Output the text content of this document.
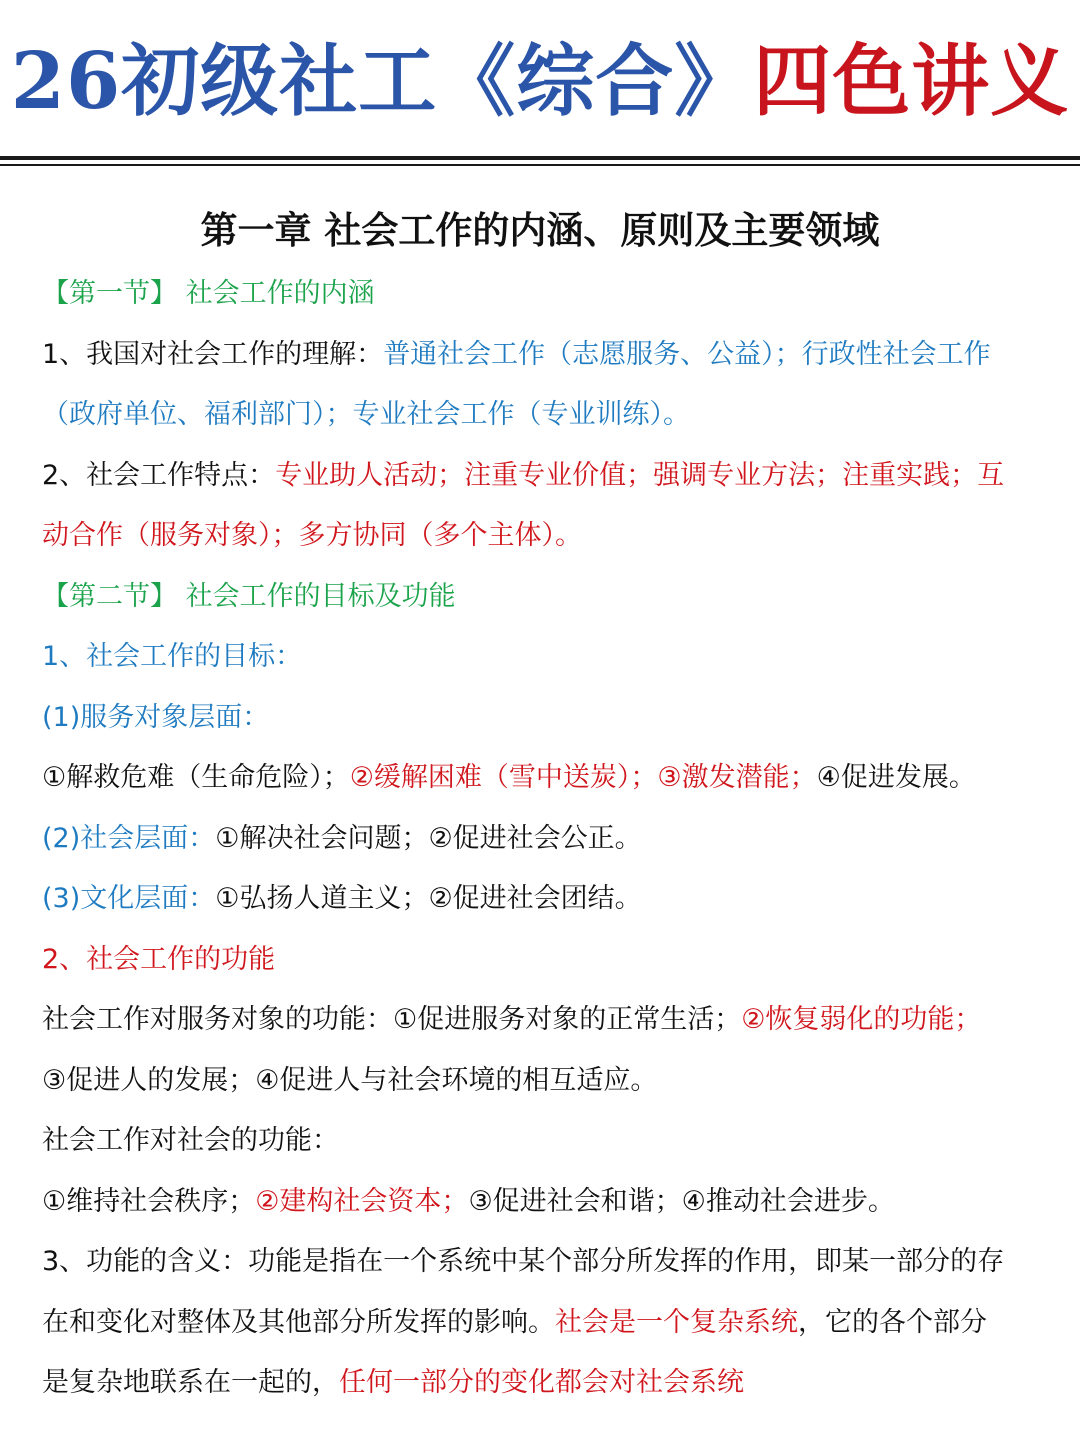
26初级社工《综合》 四色讲义
第一章 社会工作的内涵、原则及主要领域

【第一节】 社会工作的内涵

1、我国对社会工作的理解：普通社会工作（志愿服务、公益）；行政性社会工作

（政府单位、福利部门）；专业社会工作（专业训练）。

2、社会工作特点：专业助人活动；注重专业价值；强调专业方法；注重实践；互

动合作（服务对象）；多方协同（多个主体）。

【第二节】 社会工作的目标及功能

1、社会工作的目标：

(1)服务对象层面：

①解救危难（生命危险）；②缓解困难（雪中送炭）；③激发潜能；④促进发展。

(2)社会层面：①解决社会问题；②促进社会公正。

(3)文化层面：①弘扬人道主义；②促进社会团结。

2、社会工作的功能

社会工作对服务对象的功能：①促进服务对象的正常生活；②恢复弱化的功能；

③促进人的发展；④促进人与社会环境的相互适应。

社会工作对社会的功能：

①维持社会秩序；②建构社会资本；③促进社会和谐；④推动社会进步。

3、功能的含义：功能是指在一个系统中某个部分所发挥的作用，即某一部分的存

在和变化对整体及其他部分所发挥的影响。社会是一个复杂系统，它的各个部分

是复杂地联系在一起的，任何一部分的变化都会对社会系统
